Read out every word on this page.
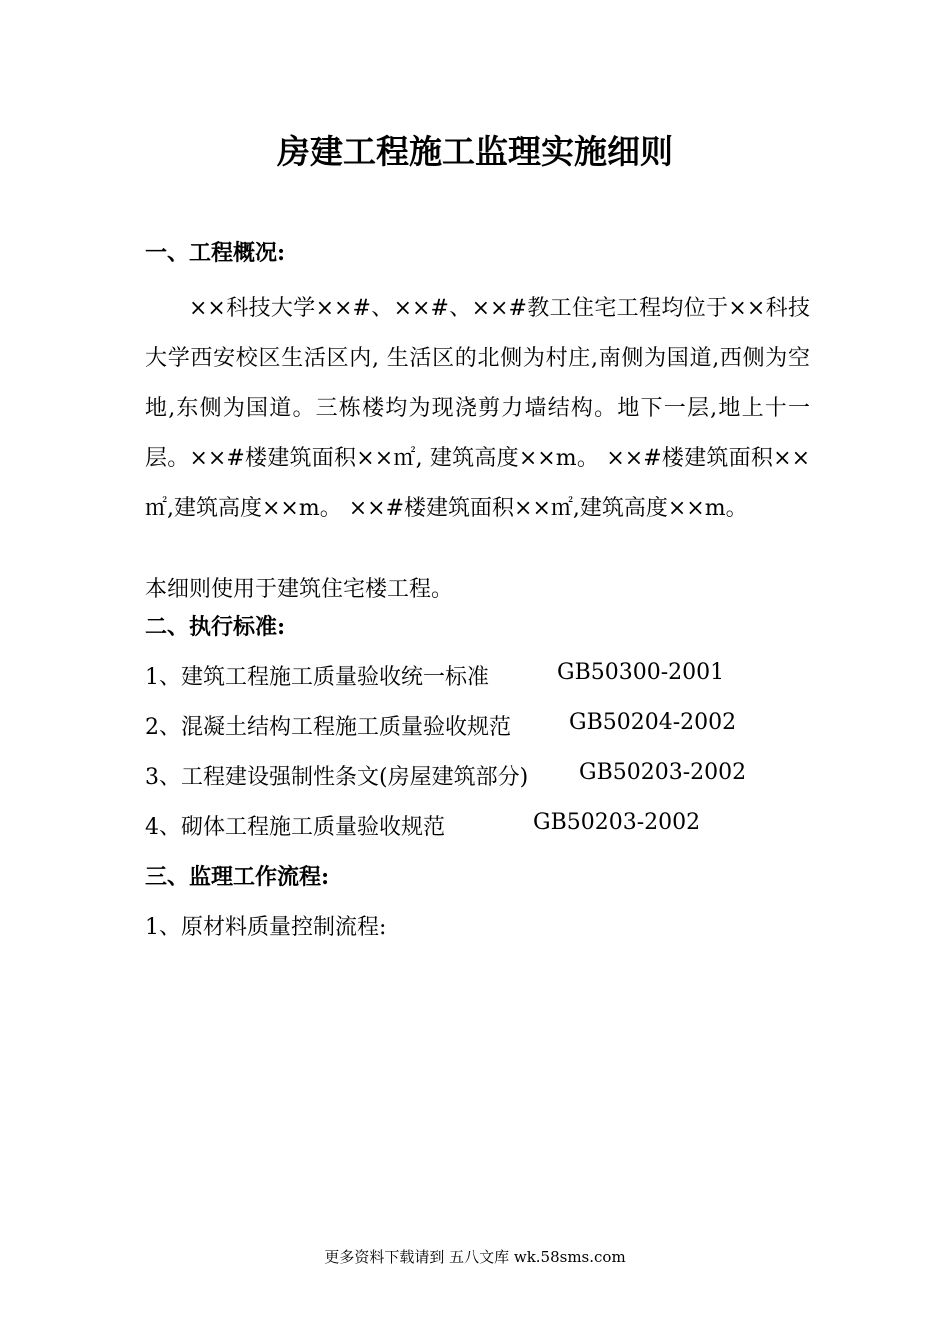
房建工程施工监理实施细则
一、工程概况:

××科技大学××#、××#、××#教工住宅工程均位于××科技大学西安校区生活区内, 生活区的北侧为村庄,南侧为国道,西侧为空地,东侧为国道。三栋楼均为现浇剪力墙结构。地下一层,地上十一层。××#楼建筑面积××㎡, 建筑高度××m。 ××#楼建筑面积××㎡,建筑高度××m。 ××#楼建筑面积××㎡,建筑高度××m。

本细则使用于建筑住宅楼工程。

二、执行标准:
1、建筑工程施工质量验收统一标准	GB50300-2001
2、混凝土结构工程施工质量验收规范	GB50204-2002
3、工程建设强制性条文(房屋建筑部分) GB50203-2002
4、砌体工程施工质量验收规范	GB50203-2002
三、监理工作流程:

1、原材料质量控制流程:

更多资料下载请到 五八文库 wk.58sms.com
